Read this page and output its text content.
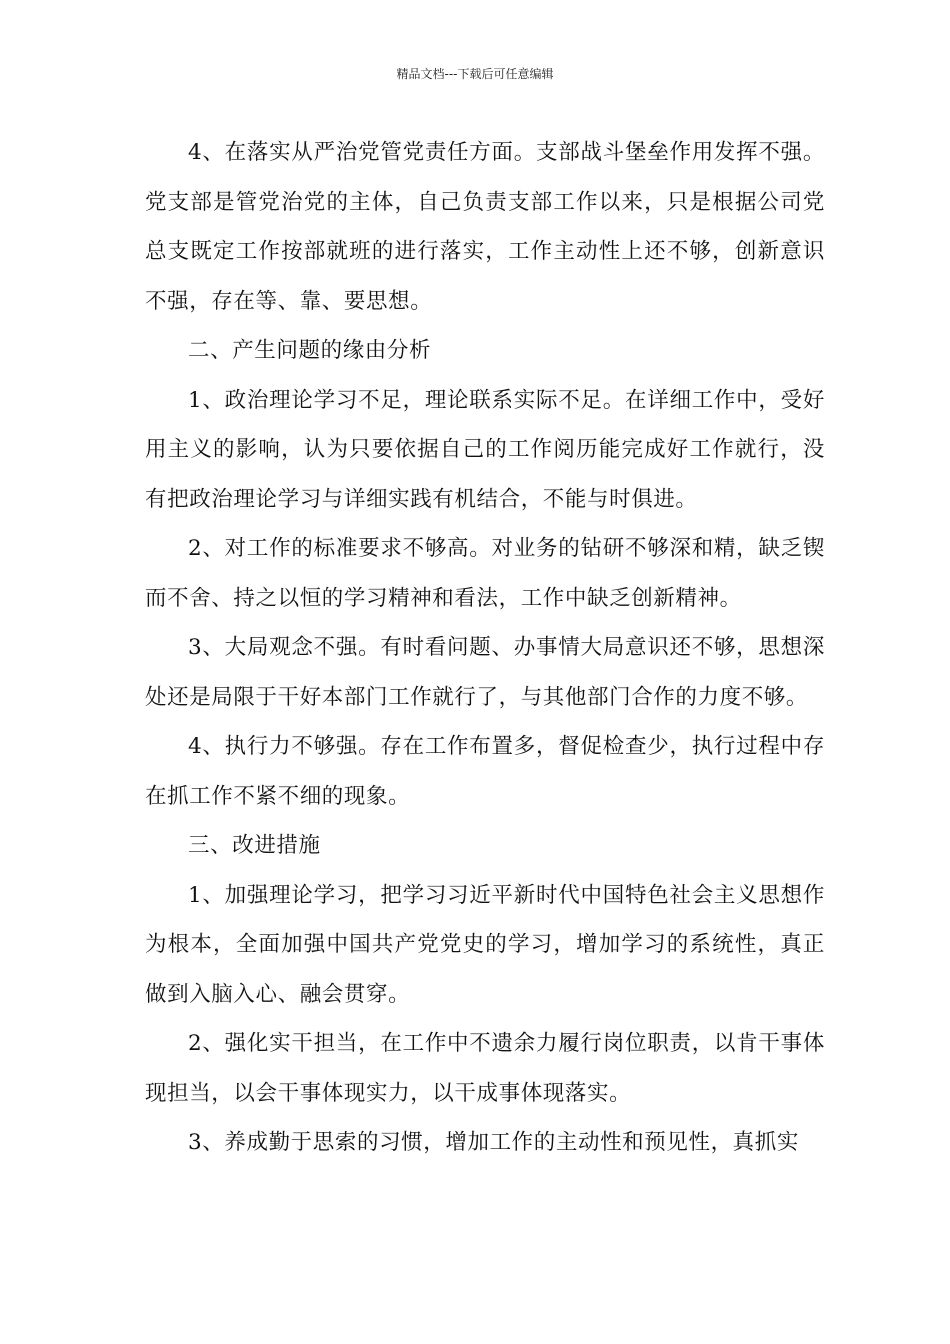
精品文档---下载后可任意编辑

4、在落实从严治党管党责任方面。支部战斗堡垒作用发挥不强。党支部是管党治党的主体，自己负责支部工作以来，只是根据公司党总支既定工作按部就班的进行落实，工作主动性上还不够，创新意识不强，存在等、靠、要思想。

二、产生问题的缘由分析

1、政治理论学习不足，理论联系实际不足。在详细工作中，受好用主义的影响，认为只要依据自己的工作阅历能完成好工作就行，没有把政治理论学习与详细实践有机结合，不能与时俱进。

2、对工作的标准要求不够高。对业务的钻研不够深和精，缺乏锲而不舍、持之以恒的学习精神和看法，工作中缺乏创新精神。

3、大局观念不强。有时看问题、办事情大局意识还不够，思想深处还是局限于干好本部门工作就行了，与其他部门合作的力度不够。

4、执行力不够强。存在工作布置多，督促检查少，执行过程中存在抓工作不紧不细的现象。

三、改进措施

1、加强理论学习，把学习习近平新时代中国特色社会主义思想作为根本，全面加强中国共产党党史的学习，增加学习的系统性，真正做到入脑入心、融会贯穿。

2、强化实干担当，在工作中不遗余力履行岗位职责，以肯干事体现担当，以会干事体现实力，以干成事体现落实。

3、养成勤于思索的习惯，增加工作的主动性和预见性，真抓实
